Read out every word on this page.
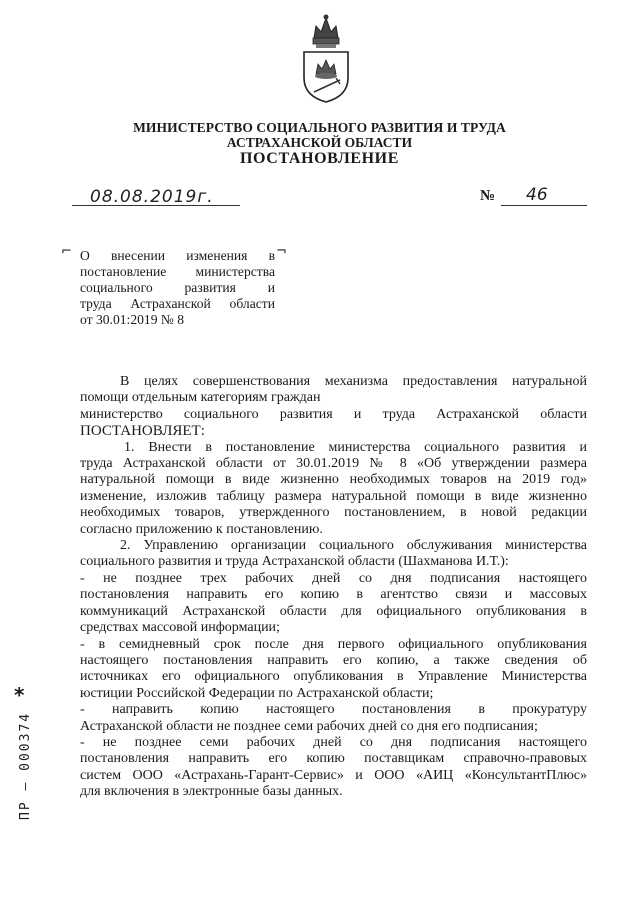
МИНИСТЕРСТВО СОЦИАЛЬНОГО РАЗВИТИЯ И ТРУДА
АСТРАХАНСКОЙ ОБЛАСТИ
ПОСТАНОВЛЕНИЕ
08.08.2019г.	№ 46
⌐	¬

О внесении изменения в

постановление министерства

социального развития и

труда Астраханской области

от 30.01:2019 № 8

В целях совершенствования механизма предоставления натуральной

помощи отдельным категориям граждан

министерство социального развития и труда Астраханской области

ПОСТАНОВЛЯЕТ:

1. Внести в постановление министерства социального развития и

труда Астраханской области от 30.01.2019 № 8 «Об утверждении размера

натуральной помощи в виде жизненно необходимых товаров на 2019 год»

изменение, изложив таблицу размера натуральной помощи в виде жизненно

необходимых товаров, утвержденного постановлением, в новой редакции

согласно приложению к постановлению.

2. Управлению организации социального обслуживания министерства

социального развития и труда Астраханской области (Шахманова И.Т.):

- не позднее трех рабочих дней со дня подписания настоящего

постановления направить его копию в агентство связи и массовых

коммуникаций Астраханской области для официального опубликования в

средствах массовой информации;

- в семидневный срок после дня первого официального опубликования

настоящего постановления направить его копию, а также сведения об

источниках его официального опубликования в Управление Министерства

юстиции Российской Федерации по Астраханской области;

- направить копию настоящего постановления в прокуратуру

Астраханской области не позднее семи рабочих дней со дня его подписания;

- не позднее семи рабочих дней со дня подписания настоящего

постановления направить его копию поставщикам справочно-правовых

систем ООО «Астрахань-Гарант-Сервис» и ООО «АИЦ «КонсультантПлюс»

для включения в электронные базы данных.

*
ПР – 000374
